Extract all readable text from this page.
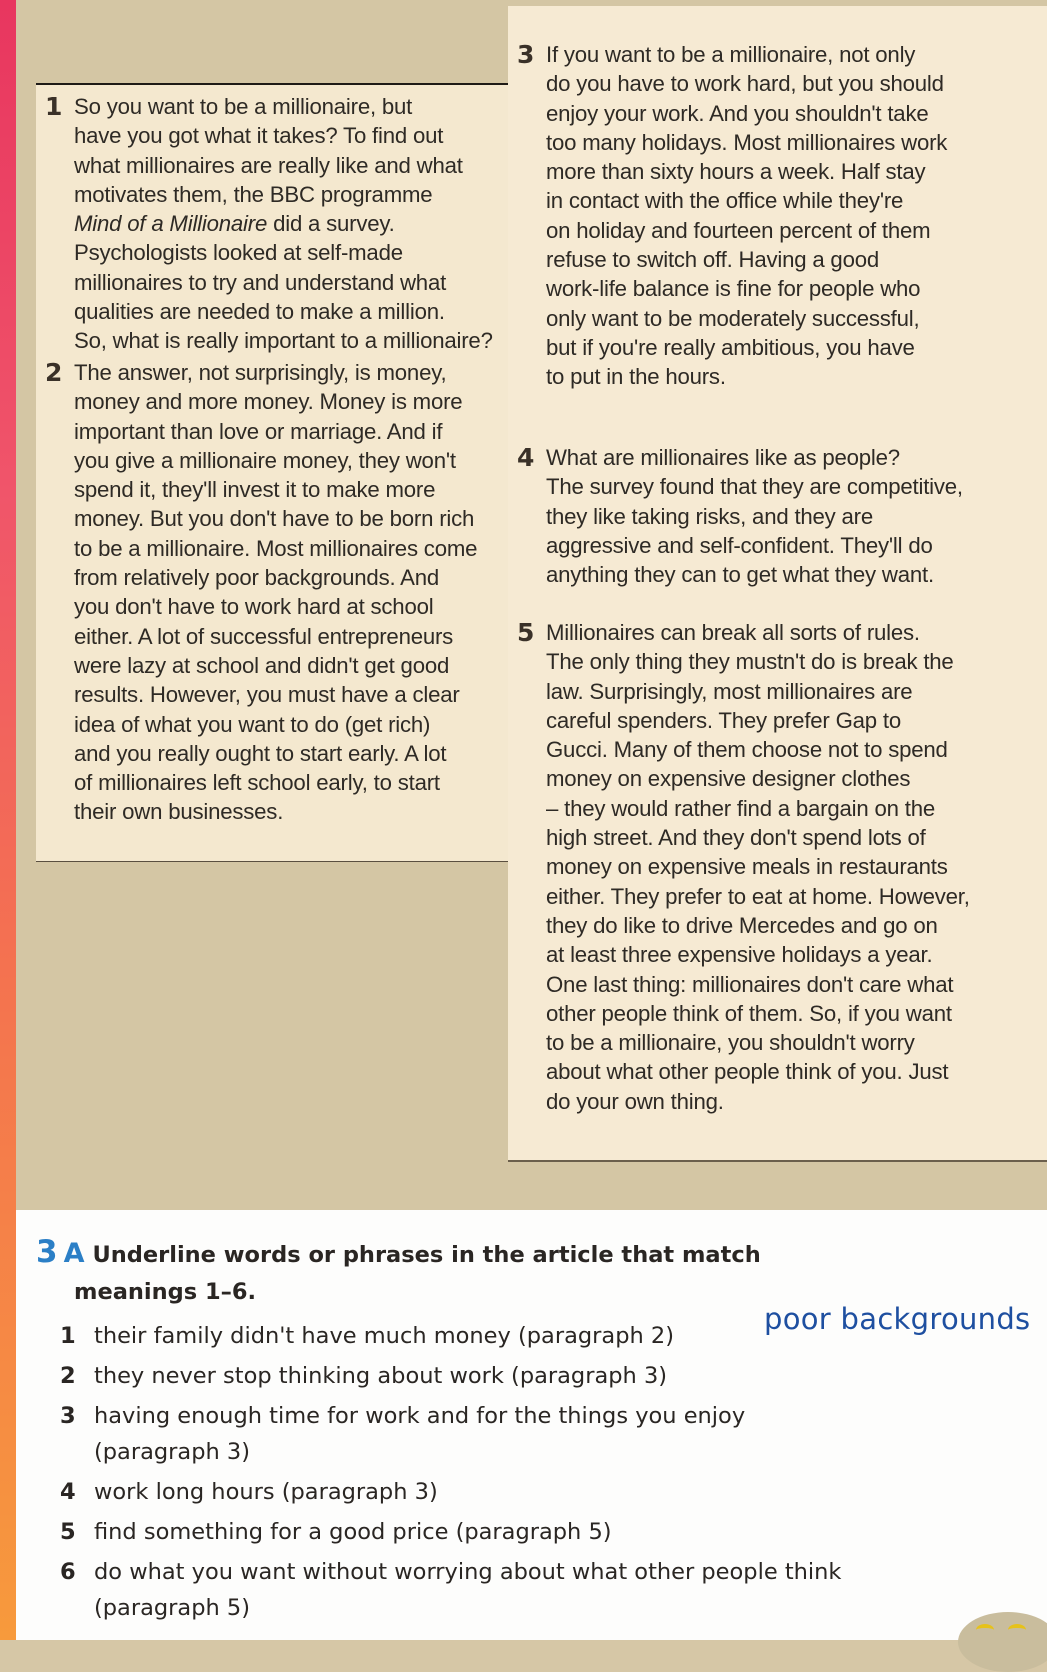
1 So you want to be a millionaire, but
have you got what it takes? To find out
what millionaires are really like and what
motivates them, the BBC programme
Mind of a Millionaire did a survey.
Psychologists looked at self-made
millionaires to try and understand what
qualities are needed to make a million.
So, what is really important to a millionaire?
2 The answer, not surprisingly, is money,
money and more money. Money is more
important than love or marriage. And if
you give a millionaire money, they won't
spend it, they'll invest it to make more
money. But you don't have to be born rich
to be a millionaire. Most millionaires come
from relatively poor backgrounds. And
you don't have to work hard at school
either. A lot of successful entrepreneurs
were lazy at school and didn't get good
results. However, you must have a clear
idea of what you want to do (get rich)
and you really ought to start early. A lot
of millionaires left school early, to start
their own businesses.
3 If you want to be a millionaire, not only
do you have to work hard, but you should
enjoy your work. And you shouldn't take
too many holidays. Most millionaires work
more than sixty hours a week. Half stay
in contact with the office while they're
on holiday and fourteen percent of them
refuse to switch off. Having a good
work-life balance is fine for people who
only want to be moderately successful,
but if you're really ambitious, you have
to put in the hours.
4 What are millionaires like as people?
The survey found that they are competitive,
they like taking risks, and they are
aggressive and self-confident. They'll do
anything they can to get what they want.
5 Millionaires can break all sorts of rules.
The only thing they mustn't do is break the
law. Surprisingly, most millionaires are
careful spenders. They prefer Gap to
Gucci. Many of them choose not to spend
money on expensive designer clothes
– they would rather find a bargain on the
high street. And they don't spend lots of
money on expensive meals in restaurants
either. They prefer to eat at home. However,
they do like to drive Mercedes and go on
at least three expensive holidays a year.
One last thing: millionaires don't care what
other people think of them. So, if you want
to be a millionaire, you shouldn't worry
about what other people think of you. Just
do your own thing.

3 A Underline words or phrases in the article that match
meanings 1–6.

poor backgrounds
1 their family didn't have much money (paragraph 2)
2 they never stop thinking about work (paragraph 3)
3 having enough time for work and for the things you enjoy (paragraph 3)
4 work long hours (paragraph 3)
5 find something for a good price (paragraph 5)
6 do what you want without worrying about what other people think (paragraph 5)
